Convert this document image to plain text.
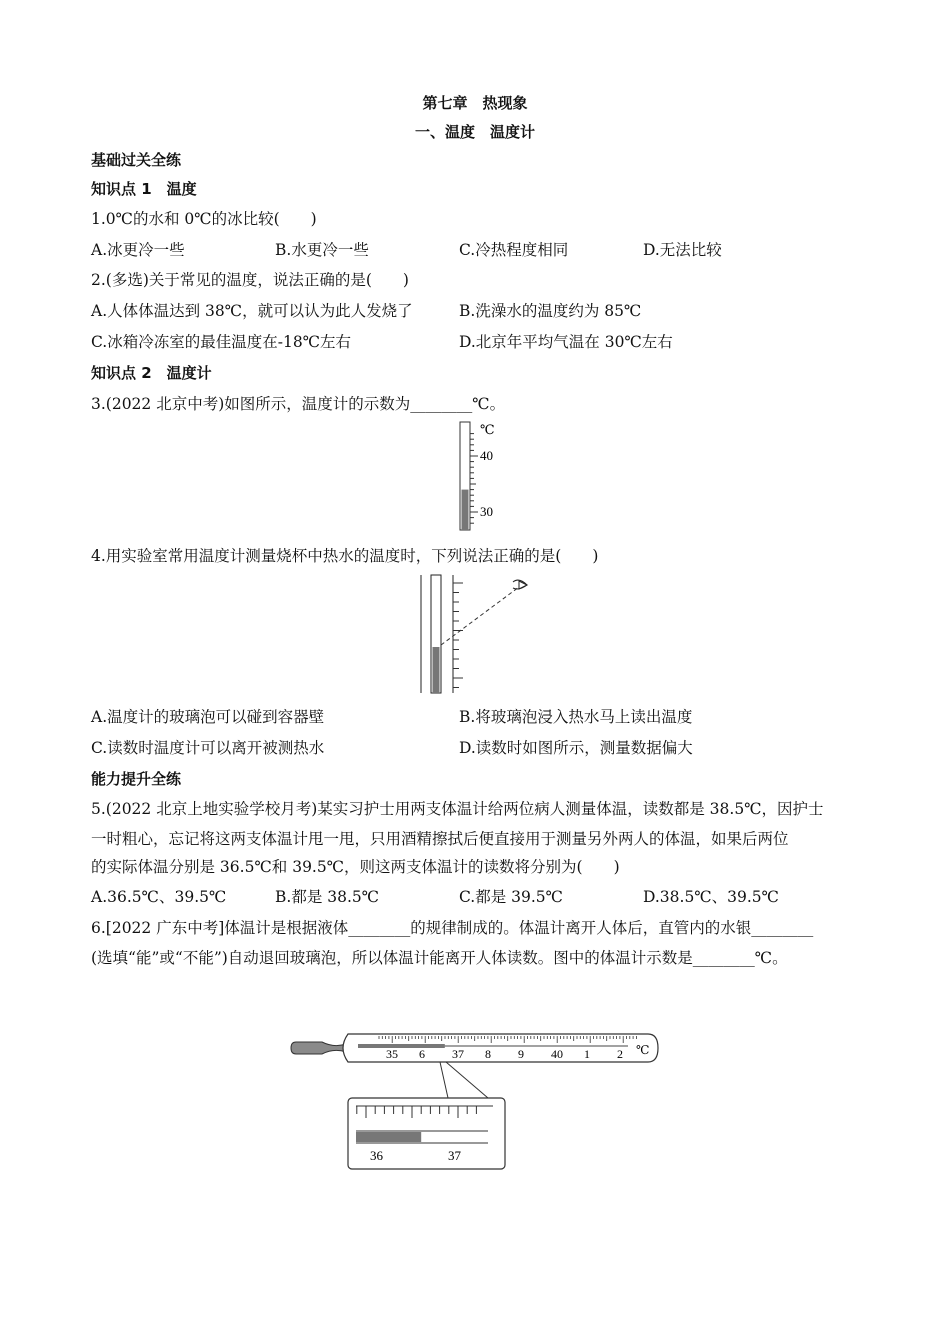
第七章　热现象
一、温度　温度计
基础过关全练
知识点 1　温度
1.0℃的水和 0℃的冰比较(　　)
A.冰更冷一些	B.水更冷一些	C.冷热程度相同	D.无法比较
2.(多选)关于常见的温度，说法正确的是(　　)
A.人体体温达到 38℃，就可以认为此人发烧了	B.洗澡水的温度约为 85℃
C.冰箱冷冻室的最佳温度在-18℃左右	D.北京年平均气温在 30℃左右
知识点 2　温度计
3.(2022 北京中考)如图所示，温度计的示数为________℃。
℃
40
30
4.用实验室常用温度计测量烧杯中热水的温度时，下列说法正确的是(　　)
A.温度计的玻璃泡可以碰到容器壁	B.将玻璃泡浸入热水马上读出温度
C.读数时温度计可以离开被测热水	D.读数时如图所示，测量数据偏大
能力提升全练
5.(2022 北京上地实验学校月考)某实习护士用两支体温计给两位病人测量体温，读数都是 38.5℃，因护士
一时粗心，忘记将这两支体温计甩一甩，只用酒精擦拭后便直接用于测量另外两人的体温，如果后两位
的实际体温分别是 36.5℃和 39.5℃，则这两支体温计的读数将分别为(　　)
A.36.5℃、39.5℃	B.都是 38.5℃	C.都是 39.5℃	D.38.5℃、39.5℃
6.[2022 广东中考]体温计是根据液体________的规律制成的。体温计离开人体后，直管内的水银________
(选填“能”或“不能”)自动退回玻璃泡，所以体温计能离开人体读数。图中的体温计示数是________℃。
35 6 37 8 9 40 1 2 ℃
36	37
